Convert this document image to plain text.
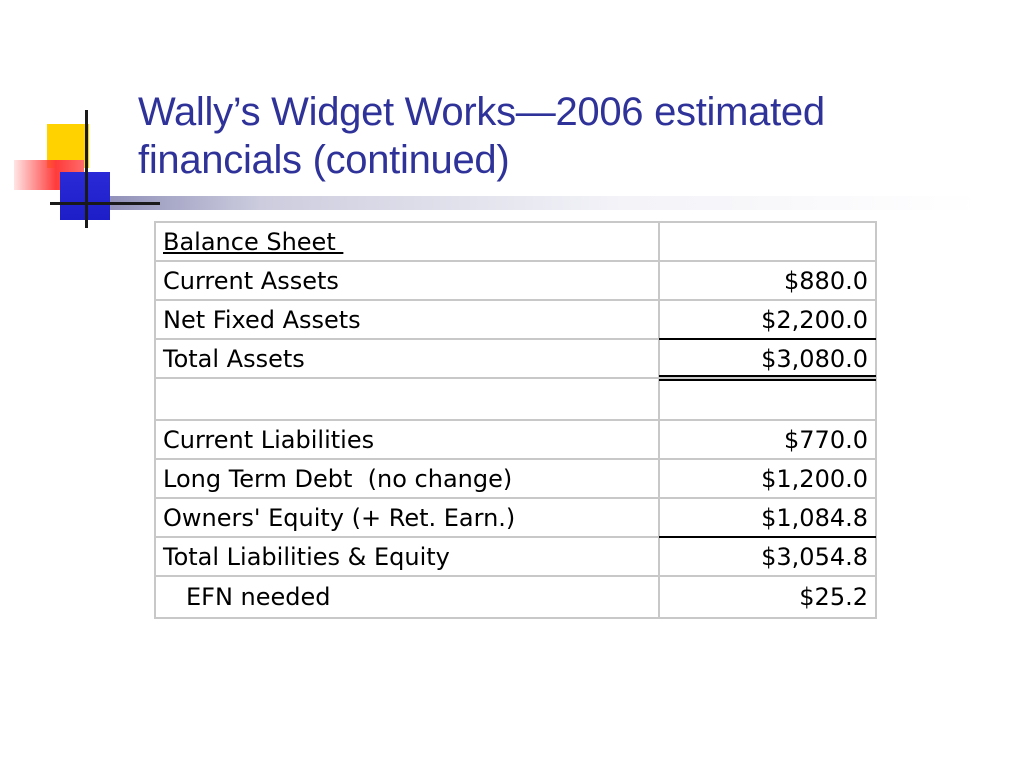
Wally’s Widget Works—2006 estimated financials (continued)
Balance Sheet	
Current Assets	$880.0
Net Fixed Assets	$2,200.0
Total Assets	$3,080.0

Current Liabilities	$770.0
Long Term Debt  (no change)	$1,200.0
Owners' Equity (+ Ret. Earn.)	$1,084.8
Total Liabilities & Equity	$3,054.8
EFN needed	$25.2
